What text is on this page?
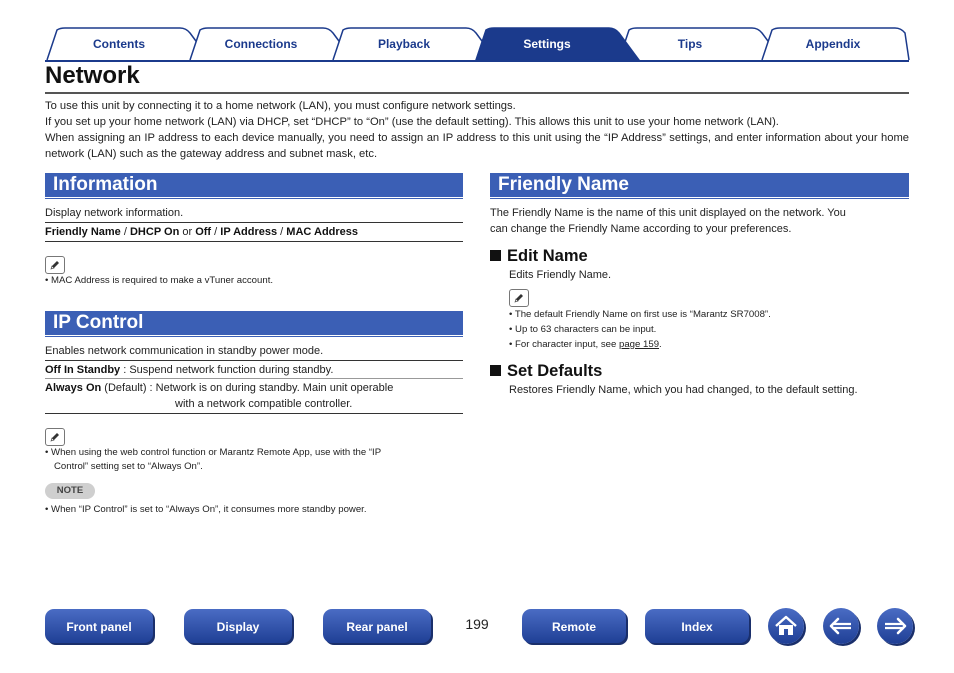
Contents	Connections	Playback	Settings	Tips	Appendix
Network

To use this unit by connecting it to a home network (LAN), you must configure network settings.

If you set up your home network (LAN) via DHCP, set “DHCP” to “On” (use the default setting). This allows this unit to use your home network (LAN).

When assigning an IP address to each device manually, you need to assign an IP address to this unit using the “IP Address” settings, and enter information about your home network (LAN) such as the gateway address and subnet mask, etc.

Information
Display network information.
Friendly Name / DHCP On or Off / IP Address / MAC Address
• MAC Address is required to make a vTuner account.
IP Control
Enables network communication in standby power mode.
Off In Standby : Suspend network function during standby.
Always On (Default) : Network is on during standby. Main unit operable
with a network compatible controller.
• When using the web control function or Marantz Remote App, use with the “IP
Control” setting set to “Always On”.
NOTE
• When “IP Control” is set to “Always On”, it consumes more standby power.
Friendly Name
The Friendly Name is the name of this unit displayed on the network. You
can change the Friendly Name according to your preferences.
Edit Name
Edits Friendly Name.
• The default Friendly Name on first use is “Marantz SR7008”.
• Up to 63 characters can be input.
• For character input, see page 159.
Set Defaults
Restores Friendly Name, which you had changed, to the default setting.
Front panel	Display	Rear panel	199	Remote	Index
